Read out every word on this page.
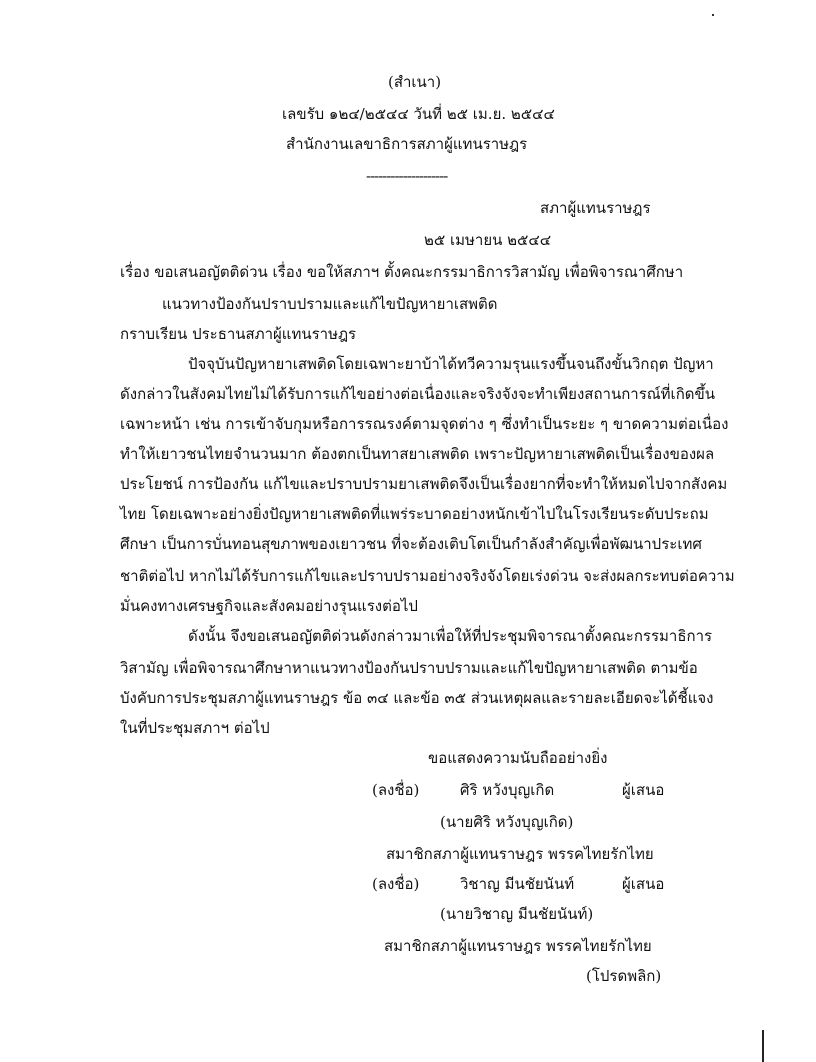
(สำเนา)
เลขรับ ๑๒๔/๒๕๔๔ วันที่ ๒๕ เม.ย. ๒๕๔๔
สำนักงานเลขาธิการสภาผู้แทนราษฎร
--------------------
สภาผู้แทนราษฎร
๒๕ เมษายน ๒๕๔๔
เรื่อง ขอเสนอญัตติด่วน เรื่อง ขอให้สภาฯ ตั้งคณะกรรมาธิการวิสามัญ เพื่อพิจารณาศึกษา
แนวทางป้องกันปราบปรามและแก้ไขปัญหายาเสพติด
กราบเรียน ประธานสภาผู้แทนราษฎร
ปัจจุบันปัญหายาเสพติดโดยเฉพาะยาบ้าได้ทวีความรุนแรงขึ้นจนถึงขั้นวิกฤต ปัญหา
ดังกล่าวในสังคมไทยไม่ได้รับการแก้ไขอย่างต่อเนื่องและจริงจังจะทำเพียงสถานการณ์ที่เกิดขึ้น
เฉพาะหน้า เช่น การเข้าจับกุมหรือการรณรงค์ตามจุดต่าง ๆ ซึ่งทำเป็นระยะ ๆ ขาดความต่อเนื่อง
ทำให้เยาวชนไทยจำนวนมาก ต้องตกเป็นทาสยาเสพติด เพราะปัญหายาเสพติดเป็นเรื่องของผล
ประโยชน์ การป้องกัน แก้ไขและปราบปรามยาเสพติดจึงเป็นเรื่องยากที่จะทำให้หมดไปจากสังคม
ไทย โดยเฉพาะอย่างยิ่งปัญหายาเสพติดที่แพร่ระบาดอย่างหนักเข้าไปในโรงเรียนระดับประถม
ศึกษา เป็นการบั่นทอนสุขภาพของเยาวชน ที่จะต้องเติบโตเป็นกำลังสำคัญเพื่อพัฒนาประเทศ
ชาติต่อไป หากไม่ได้รับการแก้ไขและปราบปรามอย่างจริงจังโดยเร่งด่วน จะส่งผลกระทบต่อความ
มั่นคงทางเศรษฐกิจและสังคมอย่างรุนแรงต่อไป
ดังนั้น จึงขอเสนอญัตติด่วนดังกล่าวมาเพื่อให้ที่ประชุมพิจารณาตั้งคณะกรรมาธิการ
วิสามัญ เพื่อพิจารณาศึกษาหาแนวทางป้องกันปราบปรามและแก้ไขปัญหายาเสพติด ตามข้อ
บังคับการประชุมสภาผู้แทนราษฎร ข้อ ๓๔ และข้อ ๓๕ ส่วนเหตุผลและรายละเอียดจะได้ชี้แจง
ในที่ประชุมสภาฯ ต่อไป
ขอแสดงความนับถืออย่างยิ่ง
(ลงชื่อ)	ศิริ หวังบุญเกิด	ผู้เสนอ
(นายศิริ หวังบุญเกิด)
สมาชิกสภาผู้แทนราษฎร พรรคไทยรักไทย
(ลงชื่อ)	วิชาญ มีนชัยนันท์	ผู้เสนอ
(นายวิชาญ มีนชัยนันท์)
สมาชิกสภาผู้แทนราษฎร พรรคไทยรักไทย
(โปรดพลิก)
